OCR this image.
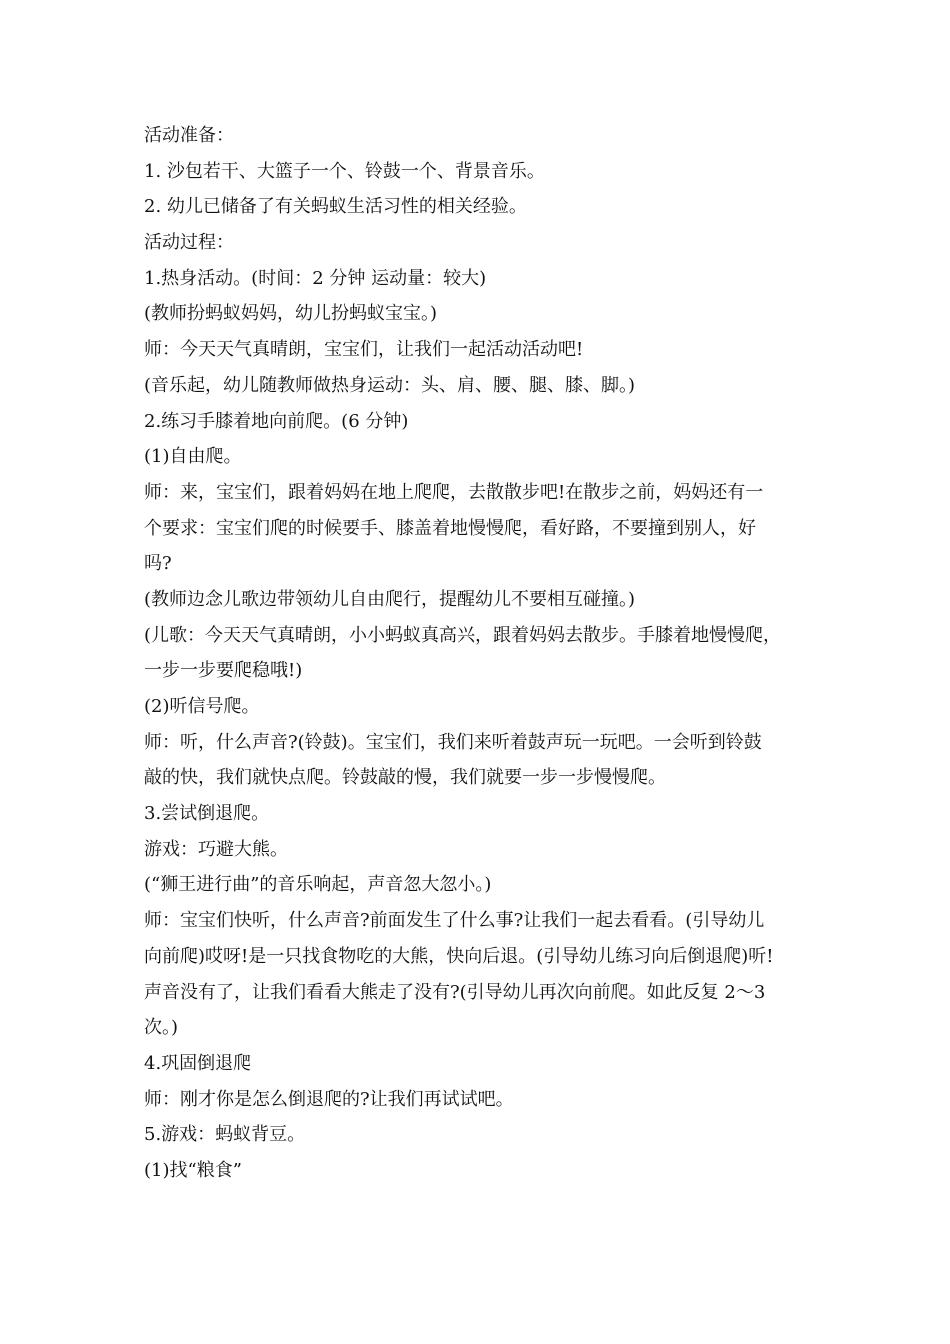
活动准备：
1. 沙包若干、大篮子一个、铃鼓一个、背景音乐。
2. 幼儿已储备了有关蚂蚁生活习性的相关经验。
活动过程：
1.热身活动。(时间：2 分钟 运动量：较大)
(教师扮蚂蚁妈妈，幼儿扮蚂蚁宝宝。)
师：今天天气真晴朗，宝宝们，让我们一起活动活动吧!
(音乐起，幼儿随教师做热身运动：头、肩、腰、腿、膝、脚。)
2.练习手膝着地向前爬。(6 分钟)
(1)自由爬。
师：来，宝宝们，跟着妈妈在地上爬爬，去散散步吧!在散步之前，妈妈还有一
个要求：宝宝们爬的时候要手、膝盖着地慢慢爬，看好路，不要撞到别人，好
吗?
(教师边念儿歌边带领幼儿自由爬行，提醒幼儿不要相互碰撞。)
(儿歌：今天天气真晴朗，小小蚂蚁真高兴，跟着妈妈去散步。手膝着地慢慢爬，
一步一步要爬稳哦!)
(2)听信号爬。
师：听，什么声音?(铃鼓)。宝宝们，我们来听着鼓声玩一玩吧。一会听到铃鼓
敲的快，我们就快点爬。铃鼓敲的慢，我们就要一步一步慢慢爬。
3.尝试倒退爬。
游戏：巧避大熊。
(“狮王进行曲”的音乐响起，声音忽大忽小。)
师：宝宝们快听，什么声音?前面发生了什么事?让我们一起去看看。(引导幼儿
向前爬)哎呀!是一只找食物吃的大熊，快向后退。(引导幼儿练习向后倒退爬)听!
声音没有了，让我们看看大熊走了没有?(引导幼儿再次向前爬。如此反复 2～3
次。)
4.巩固倒退爬
师：刚才你是怎么倒退爬的?让我们再试试吧。
5.游戏：蚂蚁背豆。
(1)找“粮食”
